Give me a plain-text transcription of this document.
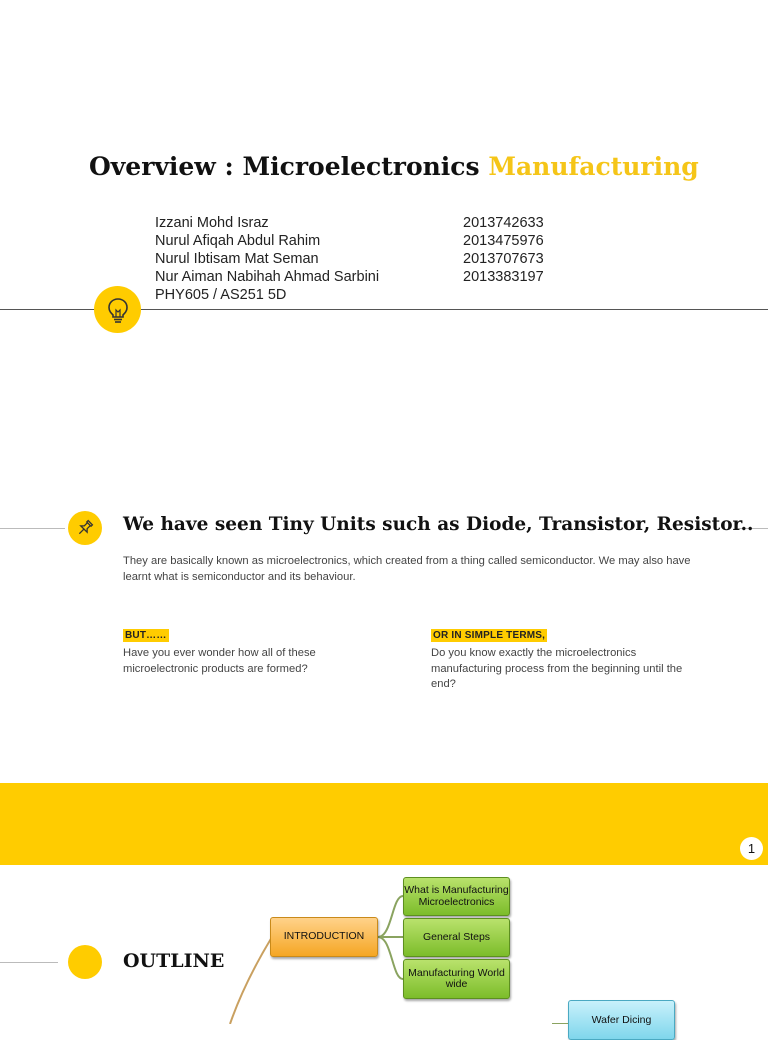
Overview : Microelectronics Manufacturing
Izzani Mohd Israz
Nurul Afiqah Abdul Rahim
Nurul Ibtisam Mat Seman
Nur Aiman Nabihah Ahmad Sarbini
PHY605 / AS251 5D
2013742633
2013475976
2013707673
2013383197
We have seen Tiny Units such as Diode, Transistor, Resistor..
They are basically known as microelectronics, which created from a thing called semiconductor. We may also have learnt what is semiconductor and its behaviour.
BUT……
Have you ever wonder how all of these microelectronic products are formed?
OR IN SIMPLE TERMS,
Do you know exactly the microelectronics manufacturing process from the beginning until the end?
1
OUTLINE
INTRODUCTION
What is Manufacturing Microelectronics
General Steps
Manufacturing World wide
Wafer Dicing
